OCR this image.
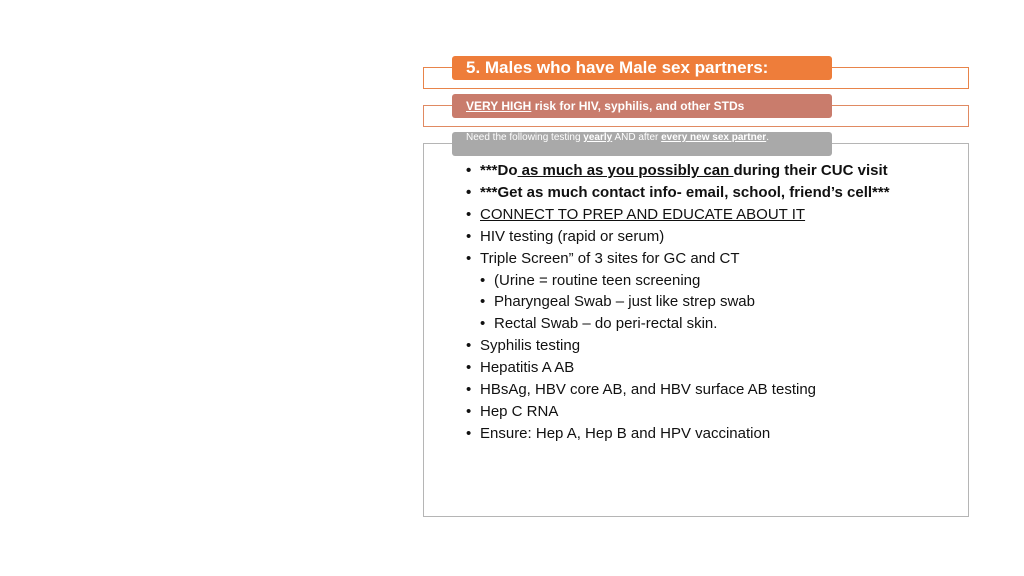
5. Males who have Male sex partners:
VERY HIGH risk for HIV, syphilis, and other STDs
Need the following testing yearly AND after every new sex partner.
• ***Do as much as you possibly can during their CUC visit
• ***Get as much contact info- email, school, friend’s cell***
• CONNECT TO PREP AND EDUCATE ABOUT IT
• HIV testing (rapid or serum)
• Triple Screen” of 3 sites for GC and CT
• (Urine = routine teen screening
• Pharyngeal Swab – just like strep swab
• Rectal Swab – do peri-rectal skin.
• Syphilis testing
• Hepatitis A AB
• HBsAg, HBV core AB, and HBV surface AB testing
• Hep C RNA
• Ensure: Hep A, Hep B and HPV vaccination
